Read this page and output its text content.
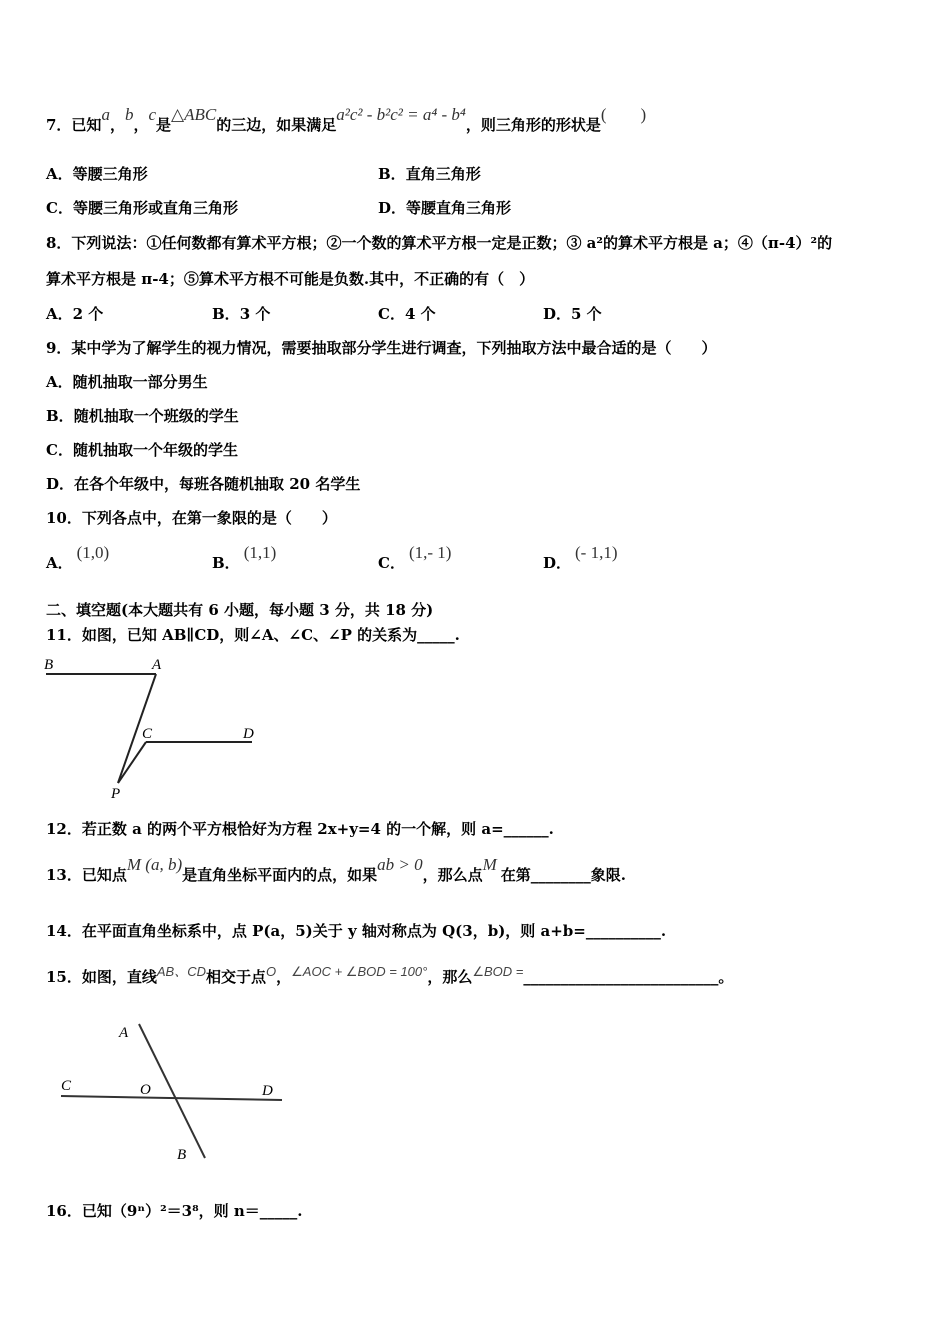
7．已知a，b，c是△ABC的三边，如果满足a²c² - b²c² = a⁴ - b⁴，则三角形的形状是(　　)
A．等腰三角形	B．直角三角形
C．等腰三角形或直角三角形	D．等腰直角三角形
8．下列说法：①任何数都有算术平方根；②一个数的算术平方根一定是正数；③ a²的算术平方根是 a；④（π-4）²的
算术平方根是 π-4；⑤算术平方根不可能是负数.其中，不正确的有（　）
A．2 个	B．3 个	C．4 个	D．5 个
9．某中学为了解学生的视力情况，需要抽取部分学生进行调查，下列抽取方法中最合适的是（　　）
A．随机抽取一部分男生
B．随机抽取一个班级的学生
C．随机抽取一个年级的学生
D．在各个年级中，每班各随机抽取 20 名学生
10．下列各点中，在第一象限的是（　　）
A．(1,0)
B．(1,1)
C．(1,- 1)
D．(- 1,1)
二、填空题(本大题共有 6 小题，每小题 3 分，共 18 分)
11．如图，已知 AB∥CD，则∠A、∠C、∠P 的关系为_____.
B	A
C	D
P
12．若正数 a 的两个平方根恰好为方程 2x+y=4 的一个解，则 a=______.
13．已知点M (a, b)是直角坐标平面内的点，如果ab > 0，那么点M在第________象限.
14．在平面直角坐标系中，点 P(a，5)关于 y 轴对称点为 Q(3，b)，则 a+b=__________.
15．如图，直线AB、CD相交于点O，∠AOC + ∠BOD = 100°，那么∠BOD =__________________________。
A
C	O	D
B
16．已知（9ⁿ）²＝3⁸，则 n＝_____.
